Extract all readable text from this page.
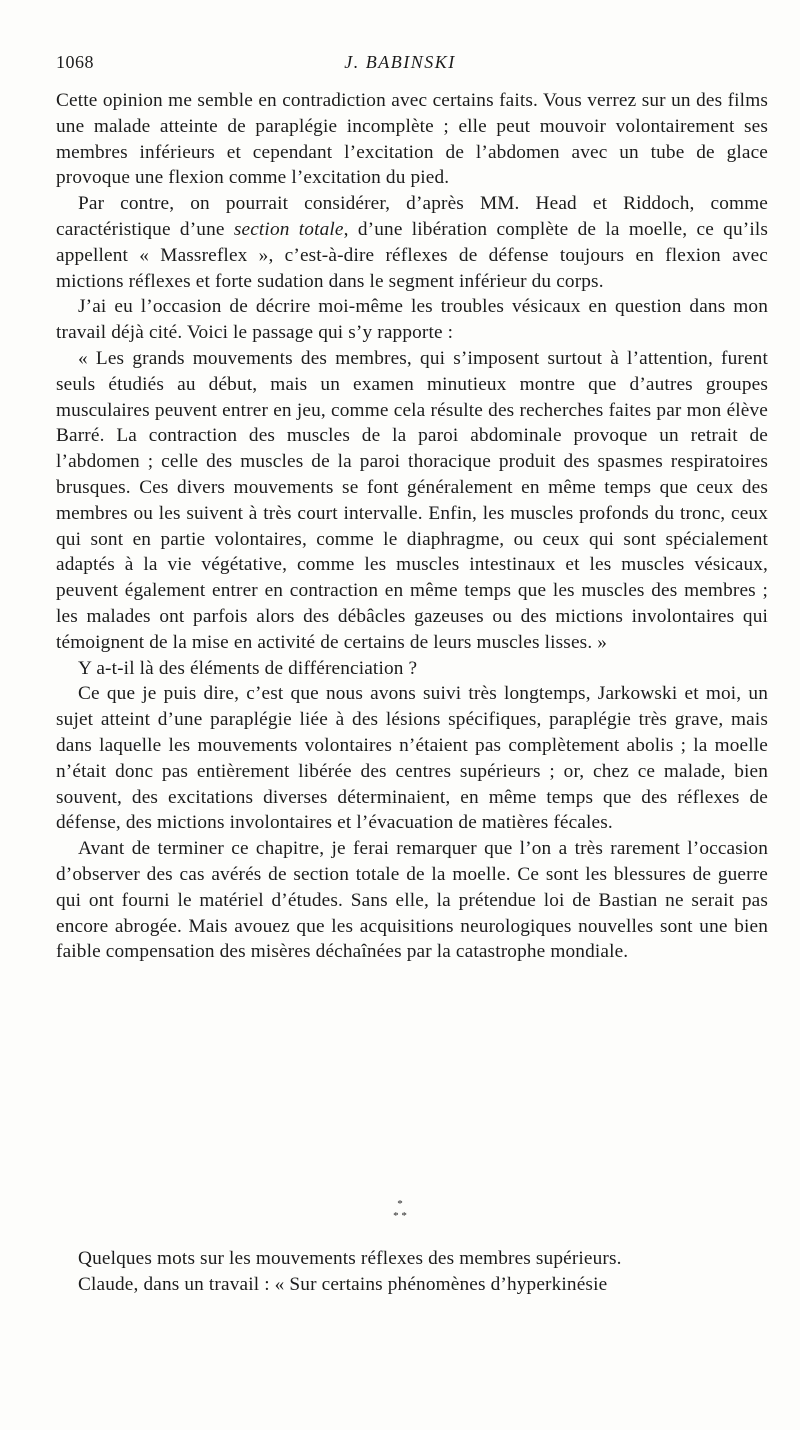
1068	J. BABINSKI

Cette opinion me semble en contradiction avec certains faits. Vous verrez sur un des films une malade atteinte de paraplégie incomplète ; elle peut mouvoir volontairement ses membres inférieurs et cependant l’excitation de l’abdomen avec un tube de glace provoque une flexion comme l’excitation du pied.

Par contre, on pourrait considérer, d’après MM. Head et Riddoch, comme caractéristique d’une section totale, d’une libération complète de la moelle, ce qu’ils appellent « Massreflex », c’est-à-dire réflexes de défense toujours en flexion avec mictions réflexes et forte sudation dans le segment inférieur du corps.

J’ai eu l’occasion de décrire moi-même les troubles vésicaux en question dans mon travail déjà cité. Voici le passage qui s’y rapporte :

« Les grands mouvements des membres, qui s’imposent surtout à l’attention, furent seuls étudiés au début, mais un examen minutieux montre que d’autres groupes musculaires peuvent entrer en jeu, comme cela résulte des recherches faites par mon élève Barré. La contraction des muscles de la paroi abdominale provoque un retrait de l’abdomen ; celle des muscles de la paroi thoracique produit des spasmes respiratoires brusques. Ces divers mouvements se font généralement en même temps que ceux des membres ou les suivent à très court intervalle. Enfin, les muscles profonds du tronc, ceux qui sont en partie volontaires, comme le diaphragme, ou ceux qui sont spécialement adaptés à la vie végétative, comme les muscles intestinaux et les muscles vésicaux, peuvent également entrer en contraction en même temps que les muscles des membres ; les malades ont parfois alors des débâcles gazeuses ou des mictions involontaires qui témoignent de la mise en activité de certains de leurs muscles lisses. »

Y a-t-il là des éléments de différenciation ?

Ce que je puis dire, c’est que nous avons suivi très longtemps, Jarkowski et moi, un sujet atteint d’une paraplégie liée à des lésions spécifiques, paraplégie très grave, mais dans laquelle les mouvements volontaires n’étaient pas complètement abolis ; la moelle n’était donc pas entièrement libérée des centres supérieurs ; or, chez ce malade, bien souvent, des excitations diverses déterminaient, en même temps que des réflexes de défense, des mictions involontaires et l’évacuation de matières fécales.

Avant de terminer ce chapitre, je ferai remarquer que l’on a très rarement l’occasion d’observer des cas avérés de section totale de la moelle. Ce sont les blessures de guerre qui ont fourni le matériel d’études. Sans elle, la prétendue loi de Bastian ne serait pas encore abrogée. Mais avouez que les acquisitions neurologiques nouvelles sont une bien faible compensation des misères déchaînées par la catastrophe mondiale.

*
* *

Quelques mots sur les mouvements réflexes des membres supérieurs.

Claude, dans un travail : « Sur certains phénomènes d’hyperkinésie
